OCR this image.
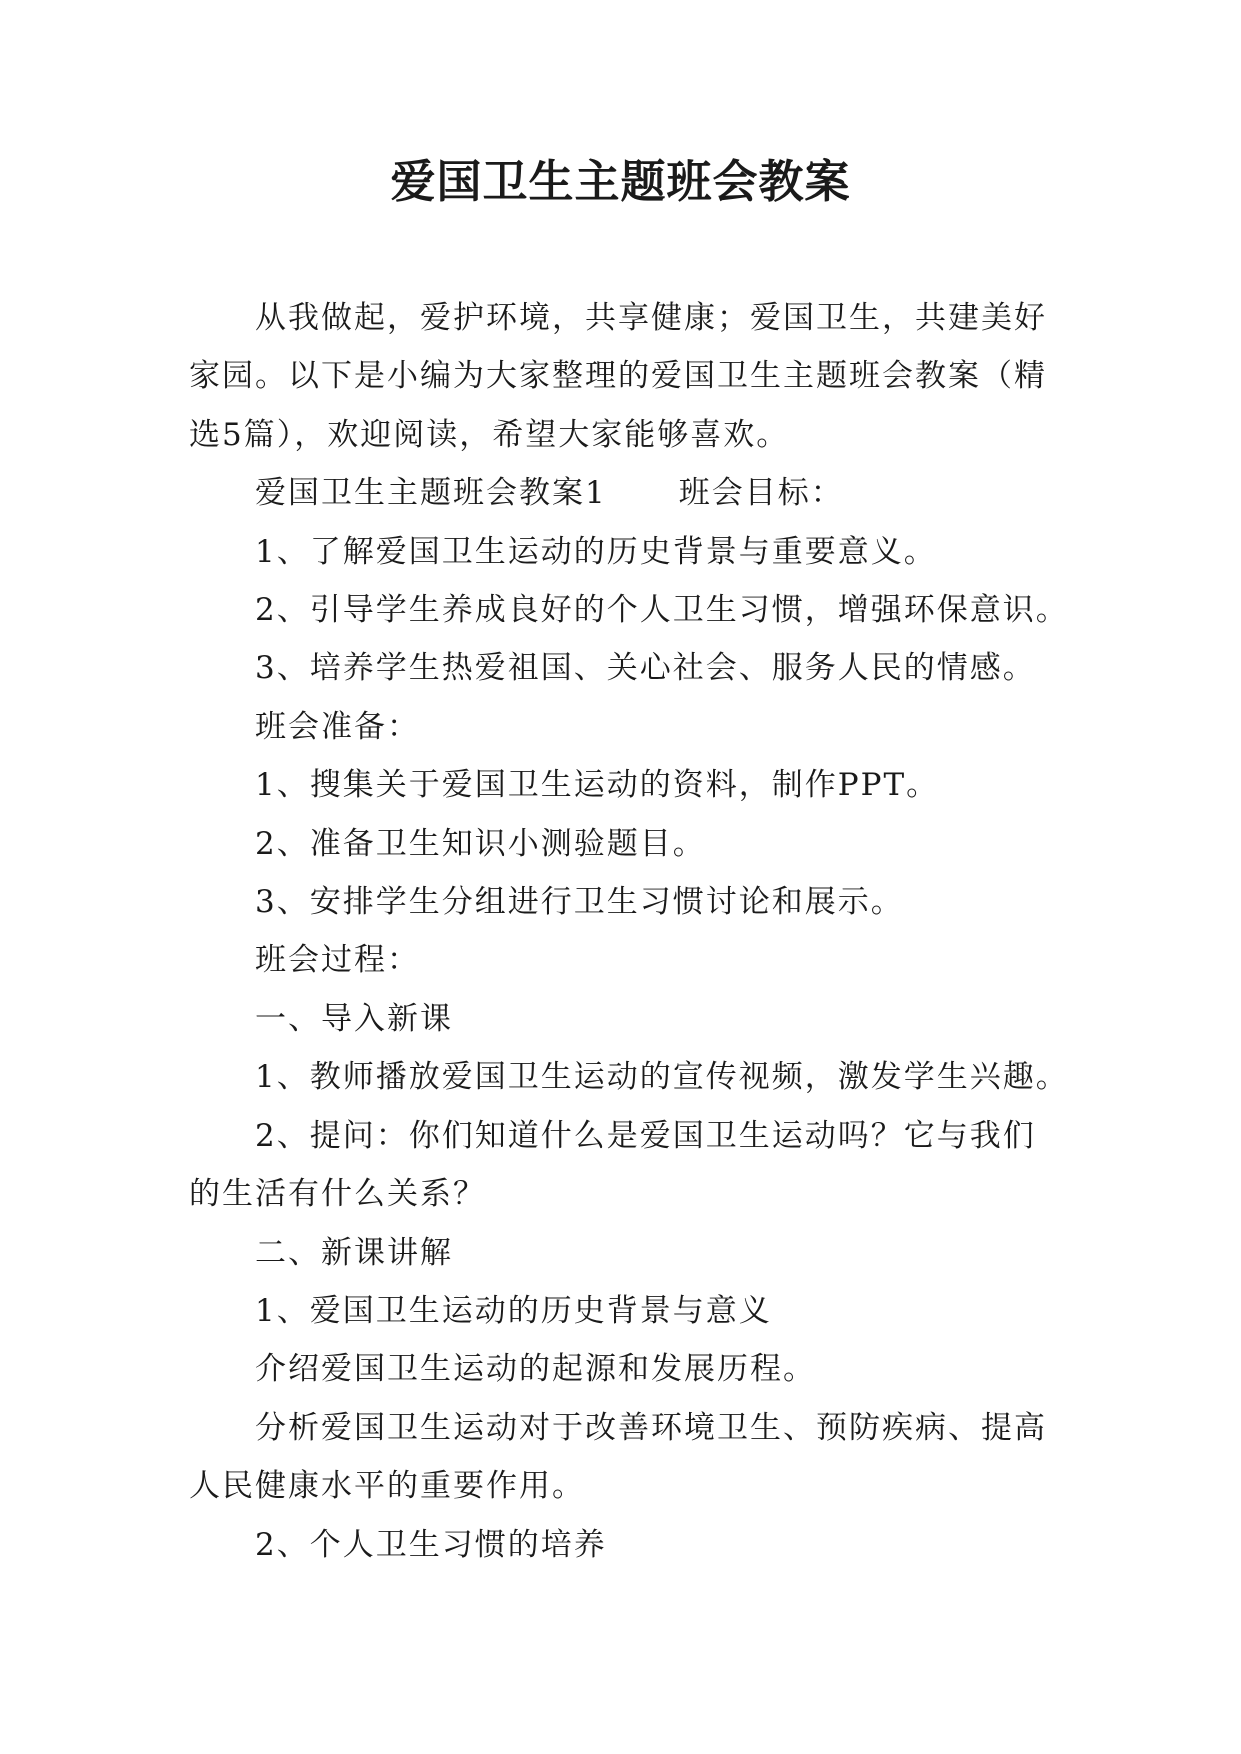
爱国卫生主题班会教案

从我做起，爱护环境，共享健康；爱国卫生，共建美好家园。以下是小编为大家整理的爱国卫生主题班会教案（精选5篇），欢迎阅读，希望大家能够喜欢。

爱国卫生主题班会教案1 班会目标：

1、了解爱国卫生运动的历史背景与重要意义。

2、引导学生养成良好的个人卫生习惯，增强环保意识。

3、培养学生热爱祖国、关心社会、服务人民的情感。

班会准备：

1、搜集关于爱国卫生运动的资料，制作PPT。

2、准备卫生知识小测验题目。

3、安排学生分组进行卫生习惯讨论和展示。

班会过程：

一、导入新课

1、教师播放爱国卫生运动的宣传视频，激发学生兴趣。

2、提问：你们知道什么是爱国卫生运动吗？它与我们的生活有什么关系？

二、新课讲解

1、爱国卫生运动的历史背景与意义

介绍爱国卫生运动的起源和发展历程。

分析爱国卫生运动对于改善环境卫生、预防疾病、提高人民健康水平的重要作用。

2、个人卫生习惯的培养
